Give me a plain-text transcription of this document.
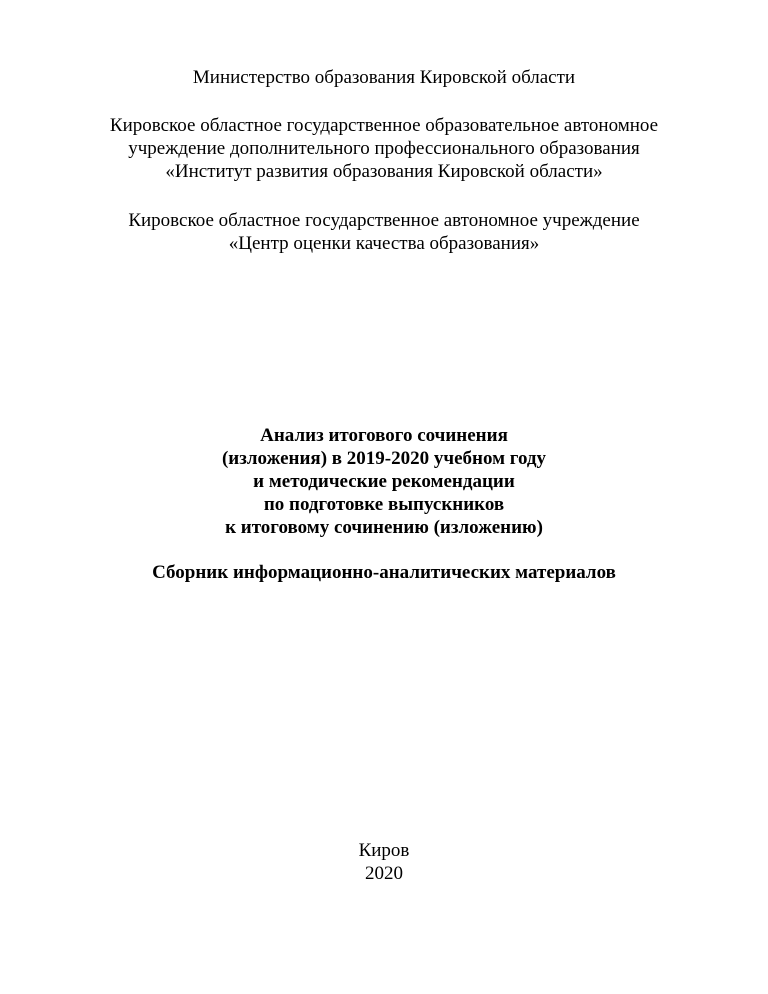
Министерство образования Кировской области
Кировское областное государственное образовательное автономное
учреждение дополнительного профессионального образования
«Институт развития образования Кировской области»
Кировское областное государственное автономное учреждение
«Центр оценки качества образования»
Анализ итогового сочинения
(изложения) в 2019-2020 учебном году
и методические рекомендации
по подготовке выпускников
к итоговому сочинению (изложению)
Сборник информационно-аналитических материалов
Киров
2020
